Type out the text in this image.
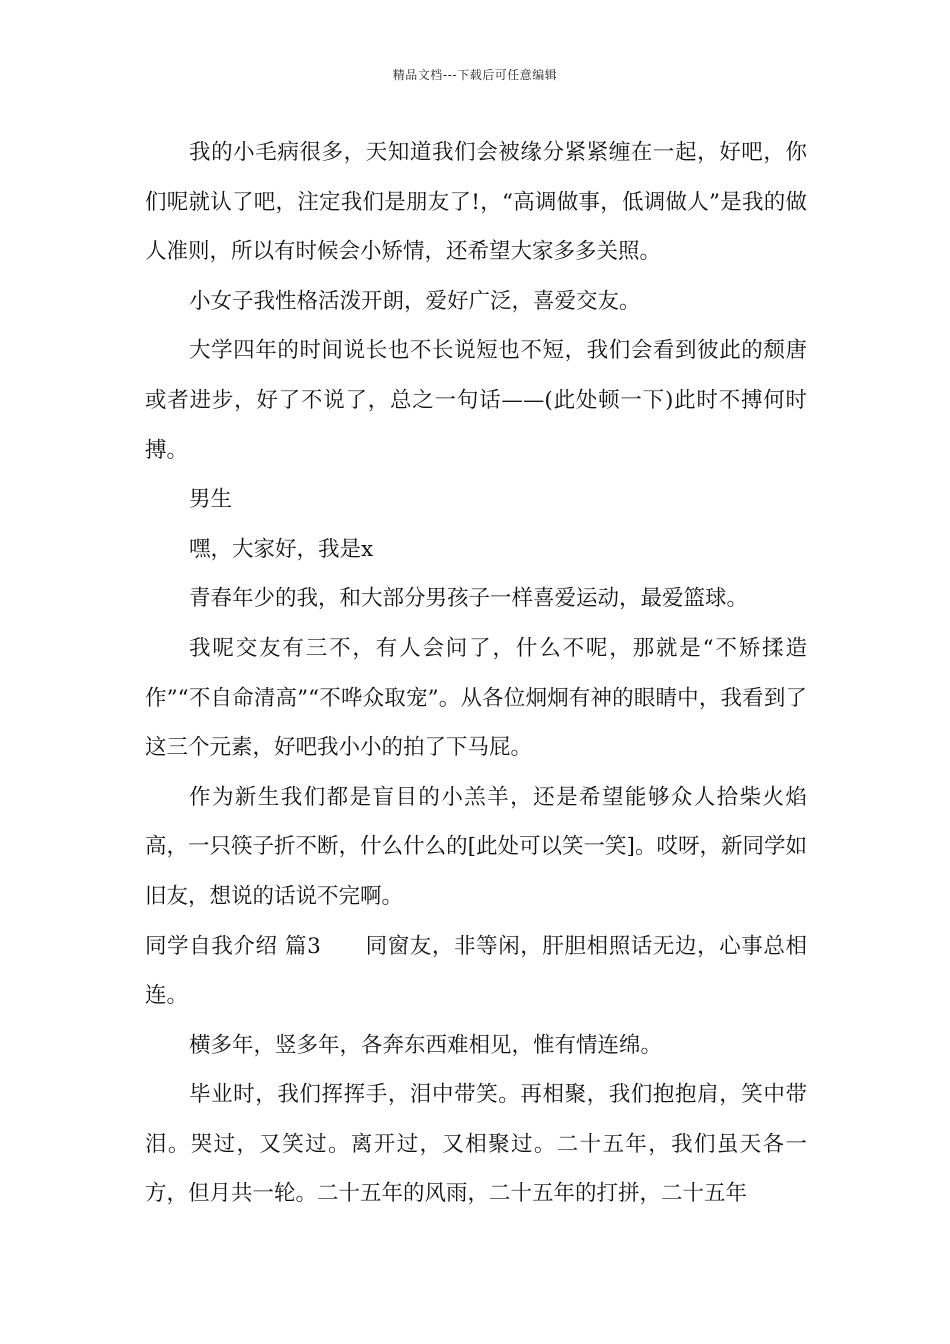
精品文档---下载后可任意编辑

我的小毛病很多，天知道我们会被缘分紧紧缠在一起，好吧，你们呢就认了吧，注定我们是朋友了!，“高调做事，低调做人”是我的做人准则，所以有时候会小矫情，还希望大家多多关照。

小女子我性格活泼开朗，爱好广泛，喜爱交友。

大学四年的时间说长也不长说短也不短，我们会看到彼此的颓唐或者进步，好了不说了，总之一句话——(此处顿一下)此时不搏何时搏。

男生

嘿，大家好，我是x

青春年少的我，和大部分男孩子一样喜爱运动，最爱篮球。

我呢交友有三不，有人会问了，什么不呢，那就是“不矫揉造作”“不自命清高”“不哗众取宠”。从各位炯炯有神的眼睛中，我看到了这三个元素，好吧我小小的拍了下马屁。

作为新生我们都是盲目的小羔羊，还是希望能够众人拾柴火焰高，一只筷子折不断，什么什么的[此处可以笑一笑]。哎呀，新同学如旧友，想说的话说不完啊。

同学自我介绍 篇3　　同窗友，非等闲，肝胆相照话无边，心事总相连。

横多年，竖多年，各奔东西难相见，惟有情连绵。

毕业时，我们挥挥手，泪中带笑。再相聚，我们抱抱肩，笑中带泪。哭过，又笑过。离开过，又相聚过。二十五年，我们虽天各一方，但月共一轮。二十五年的风雨，二十五年的打拼，二十五年
